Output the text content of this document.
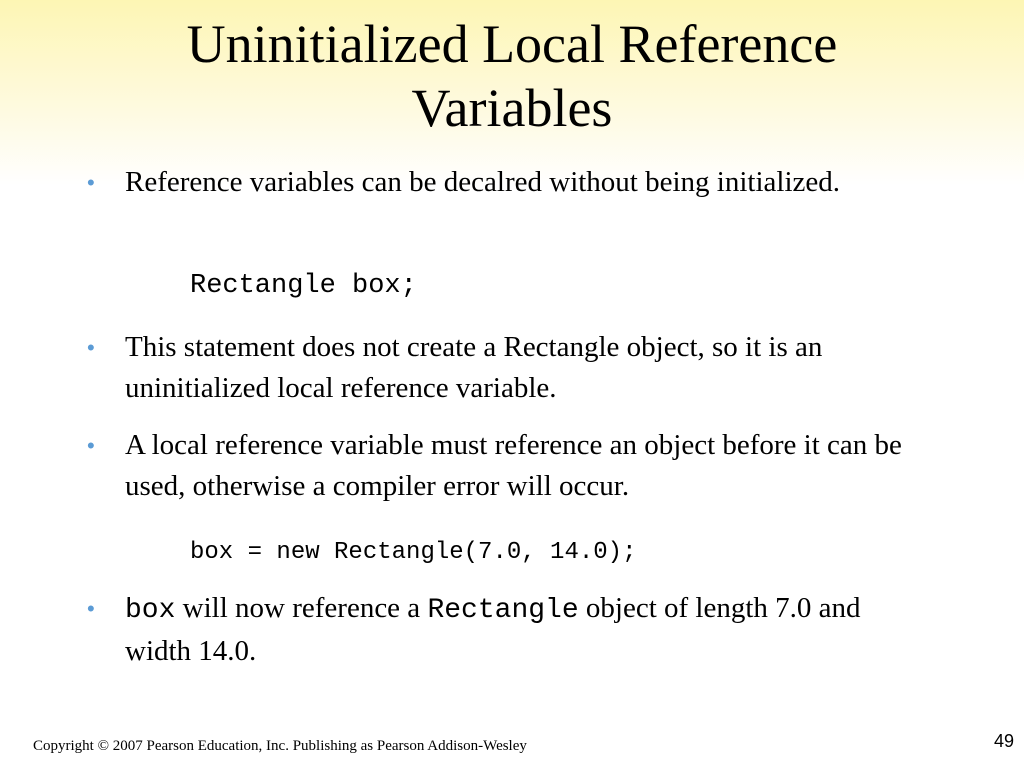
Uninitialized Local Reference
Variables
•	Reference variables can be decalred without being initialized.
Rectangle box;
•	This statement does not create a Rectangle object, so it is an uninitialized local reference variable.
•	A local reference variable must reference an object before it can be used, otherwise a compiler error will occur.
box = new Rectangle(7.0, 14.0);
•	box will now reference a Rectangle object of length 7.0 and width 14.0.
Copyright © 2007 Pearson Education, Inc. Publishing as Pearson Addison-Wesley	49
